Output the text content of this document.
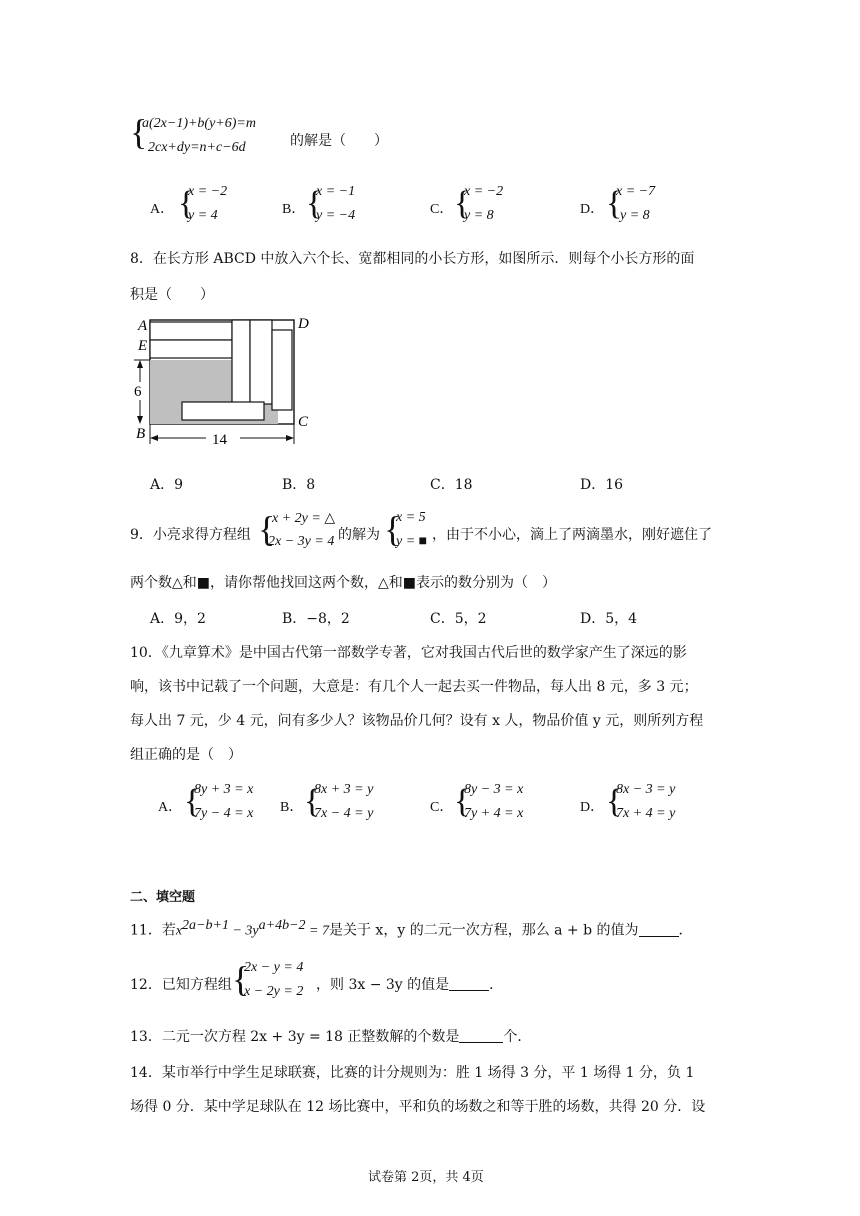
{
a(2x−1)+b(y+6)=m
2cx+dy=n+c−6d	的解是（　　）
A． {
x = −2
y = 4	B． {
x = −1
y = −4	C． {
x = −2
y = 8	D． {
x = −7
y = 8
8．在长方形 ABCD 中放入六个长、宽都相同的小长方形，如图所示．则每个小长方形的面
积是（　　）
A
E
D
B
C
6
14
A．9	B．8	C．18	D．16
9．小亮求得方程组 {
x + 2y = △
2x − 3y = 4 的解为 {
x = 5
y = ■ ，由于不小心，滴上了两滴墨水，刚好遮住了
两个数△和■，请你帮他找回这两个数，△和■表示的数分别为（　）
A．9，2	B．−8，2	C．5，2	D．5，4
10．《九章算术》是中国古代第一部数学专著，它对我国古代后世的数学家产生了深远的影
响，该书中记载了一个问题，大意是：有几个人一起去买一件物品，每人出 8 元，多 3 元；
每人出 7 元，少 4 元，问有多少人？该物品价几何？设有 x 人，物品价值 y 元，则所列方程
组正确的是（　）
A． {
8y + 3 = x
7y − 4 = x B． {
8x + 3 = y
7x − 4 = y	C． {
8y − 3 = x
7y + 4 = x	D． {
8x − 3 = y
7x + 4 = y
二、填空题
11．若$x^{2a-b+1} - 3y^{a+4b-2} = 7$是关于 x，y 的二元一次方程，那么 a + b 的值为	．
12．已知方程组 {
2x − y = 4
x − 2y = 2 ，则 3x − 3y 的值是	．
13．二元一次方程 2x + 3y = 18 正整数解的个数是	个．
14．某市举行中学生足球联赛，比赛的计分规则为：胜 1 场得 3 分，平 1 场得 1 分，负 1
场得 0 分．某中学足球队在 12 场比赛中，平和负的场数之和等于胜的场数，共得 20 分．设
试卷第 2页，共 4页
